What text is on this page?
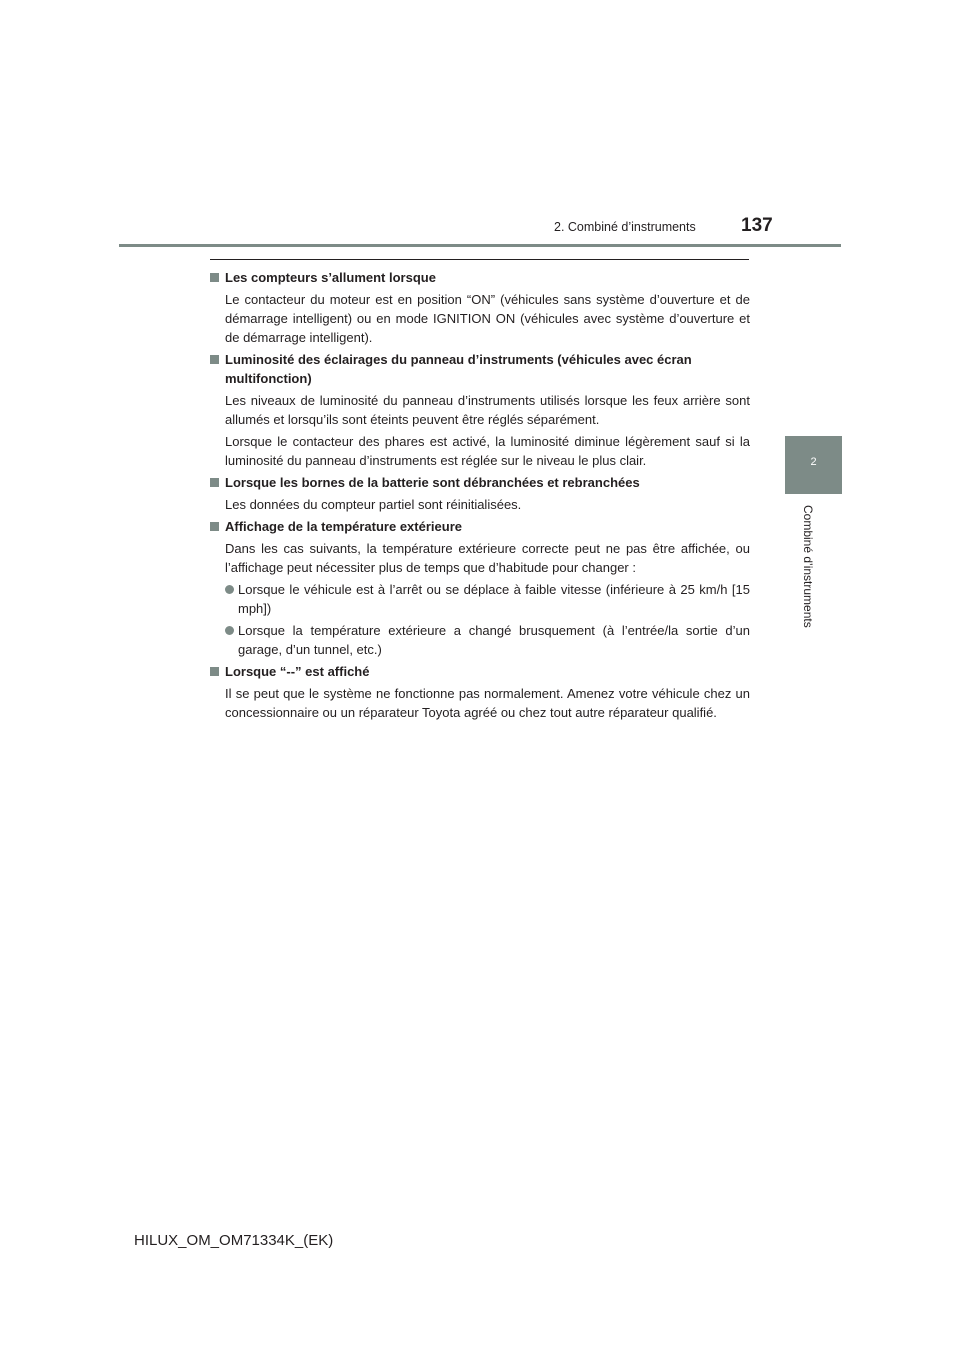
2. Combiné d’instruments 137
2
Combiné d’instruments
Les compteurs s’allument lorsque
Le contacteur du moteur est en position “ON” (véhicules sans système d’ouverture et de démarrage intelligent) ou en mode IGNITION ON (véhicules avec système d’ouverture et de démarrage intelligent).
Luminosité des éclairages du panneau d’instruments (véhicules avec écran multifonction)
Les niveaux de luminosité du panneau d’instruments utilisés lorsque les feux arrière sont allumés et lorsqu’ils sont éteints peuvent être réglés séparément.
Lorsque le contacteur des phares est activé, la luminosité diminue légèrement sauf si la luminosité du panneau d’instruments est réglée sur le niveau le plus clair.
Lorsque les bornes de la batterie sont débranchées et rebranchées
Les données du compteur partiel sont réinitialisées.
Affichage de la température extérieure
Dans les cas suivants, la température extérieure correcte peut ne pas être affichée, ou l’affichage peut nécessiter plus de temps que d’habitude pour changer :
Lorsque le véhicule est à l’arrêt ou se déplace à faible vitesse (inférieure à 25 km/h [15 mph])
Lorsque la température extérieure a changé brusquement (à l’entrée/la sortie d’un garage, d’un tunnel, etc.)
Lorsque “--” est affiché
Il se peut que le système ne fonctionne pas normalement. Amenez votre véhicule chez un concessionnaire ou un réparateur Toyota agréé ou chez tout autre réparateur qualifié.
HILUX_OM_OM71334K_(EK)
